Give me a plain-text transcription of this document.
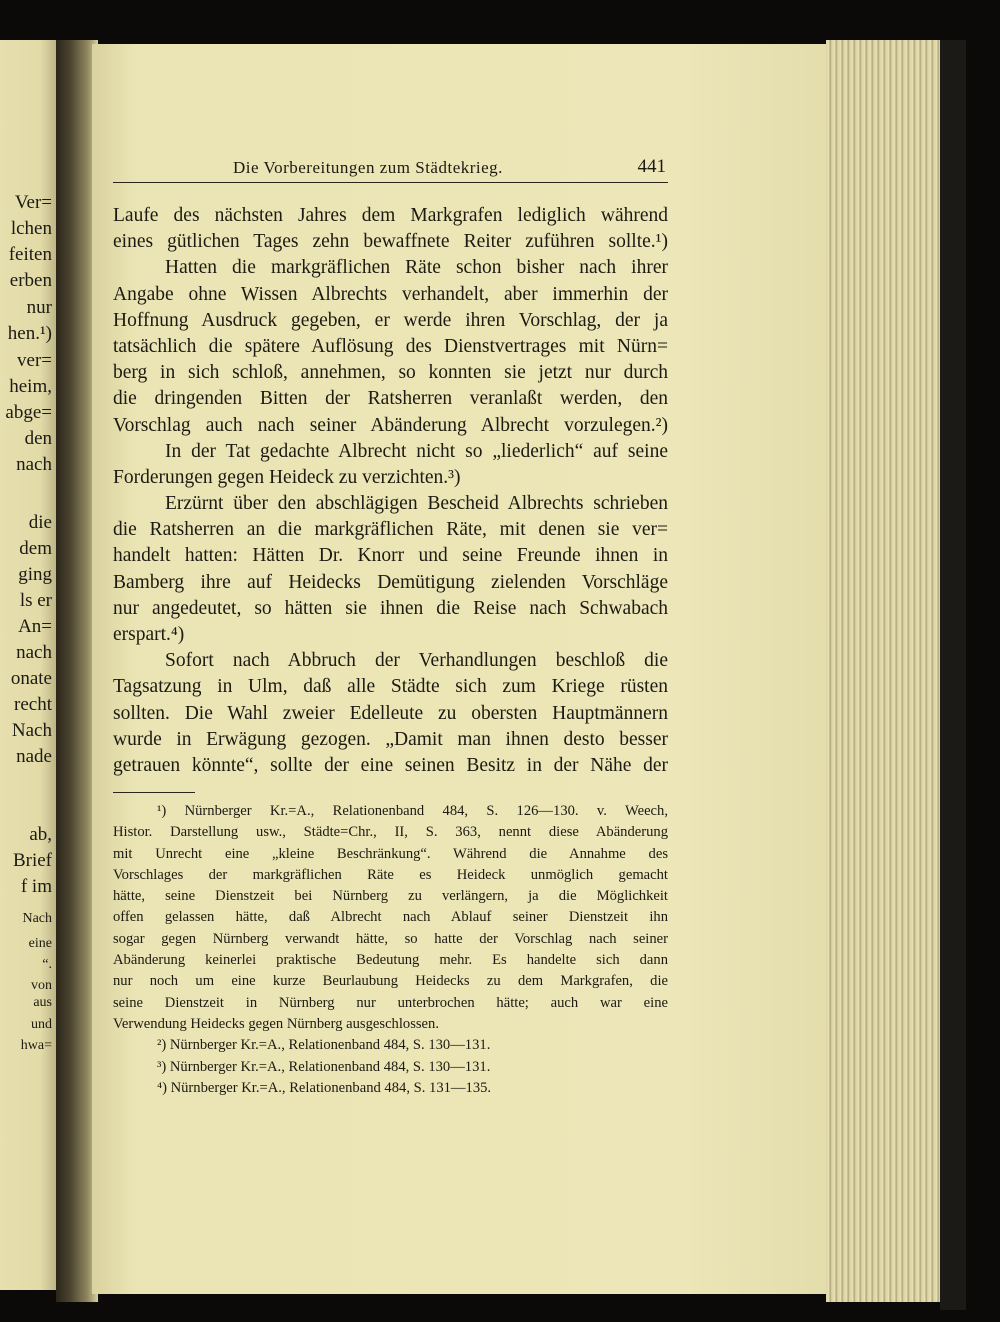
Ver=
lchen
feiten
erben
nur
hen.¹)
ver=
heim,
abge=
den
nach
die
dem
ging
ls er
An=
nach
onate
recht
Nach
nade
ab,
Brief
f im
Nach
eine
“.
von
aus
und
hwa=
Die Vorbereitungen zum Städtekrieg.	441
Laufe des nächsten Jahres dem Markgrafen lediglich während
eines gütlichen Tages zehn bewaffnete Reiter zuführen sollte.¹)
Hatten die markgräflichen Räte schon bisher nach ihrer
Angabe ohne Wissen Albrechts verhandelt, aber immerhin der
Hoffnung Ausdruck gegeben, er werde ihren Vorschlag, der ja
tatsächlich die spätere Auflösung des Dienstvertrages mit Nürn=
berg in sich schloß, annehmen, so konnten sie jetzt nur durch
die dringenden Bitten der Ratsherren veranlaßt werden, den
Vorschlag auch nach seiner Abänderung Albrecht vorzulegen.²)
In der Tat gedachte Albrecht nicht so „liederlich“ auf seine
Forderungen gegen Heideck zu verzichten.³)
Erzürnt über den abschlägigen Bescheid Albrechts schrieben
die Ratsherren an die markgräflichen Räte, mit denen sie ver=
handelt hatten: Hätten Dr. Knorr und seine Freunde ihnen in
Bamberg ihre auf Heidecks Demütigung zielenden Vorschläge
nur angedeutet, so hätten sie ihnen die Reise nach Schwabach
erspart.⁴)
Sofort nach Abbruch der Verhandlungen beschloß die
Tagsatzung in Ulm, daß alle Städte sich zum Kriege rüsten
sollten. Die Wahl zweier Edelleute zu obersten Hauptmännern
wurde in Erwägung gezogen. „Damit man ihnen desto besser
getrauen könnte“, sollte der eine seinen Besitz in der Nähe der
¹) Nürnberger Kr.=A., Relationenband 484, S. 126—130. v. Weech,
Histor. Darstellung usw., Städte=Chr., II, S. 363, nennt diese Abänderung
mit Unrecht eine „kleine Beschränkung“. Während die Annahme des
Vorschlages der markgräflichen Räte es Heideck unmöglich gemacht
hätte, seine Dienstzeit bei Nürnberg zu verlängern, ja die Möglichkeit
offen gelassen hätte, daß Albrecht nach Ablauf seiner Dienstzeit ihn
sogar gegen Nürnberg verwandt hätte, so hatte der Vorschlag nach seiner
Abänderung keinerlei praktische Bedeutung mehr. Es handelte sich dann
nur noch um eine kurze Beurlaubung Heidecks zu dem Markgrafen, die
seine Dienstzeit in Nürnberg nur unterbrochen hätte; auch war eine
Verwendung Heidecks gegen Nürnberg ausgeschlossen.
²) Nürnberger Kr.=A., Relationenband 484, S. 130—131.
³) Nürnberger Kr.=A., Relationenband 484, S. 130—131.
⁴) Nürnberger Kr.=A., Relationenband 484, S. 131—135.
